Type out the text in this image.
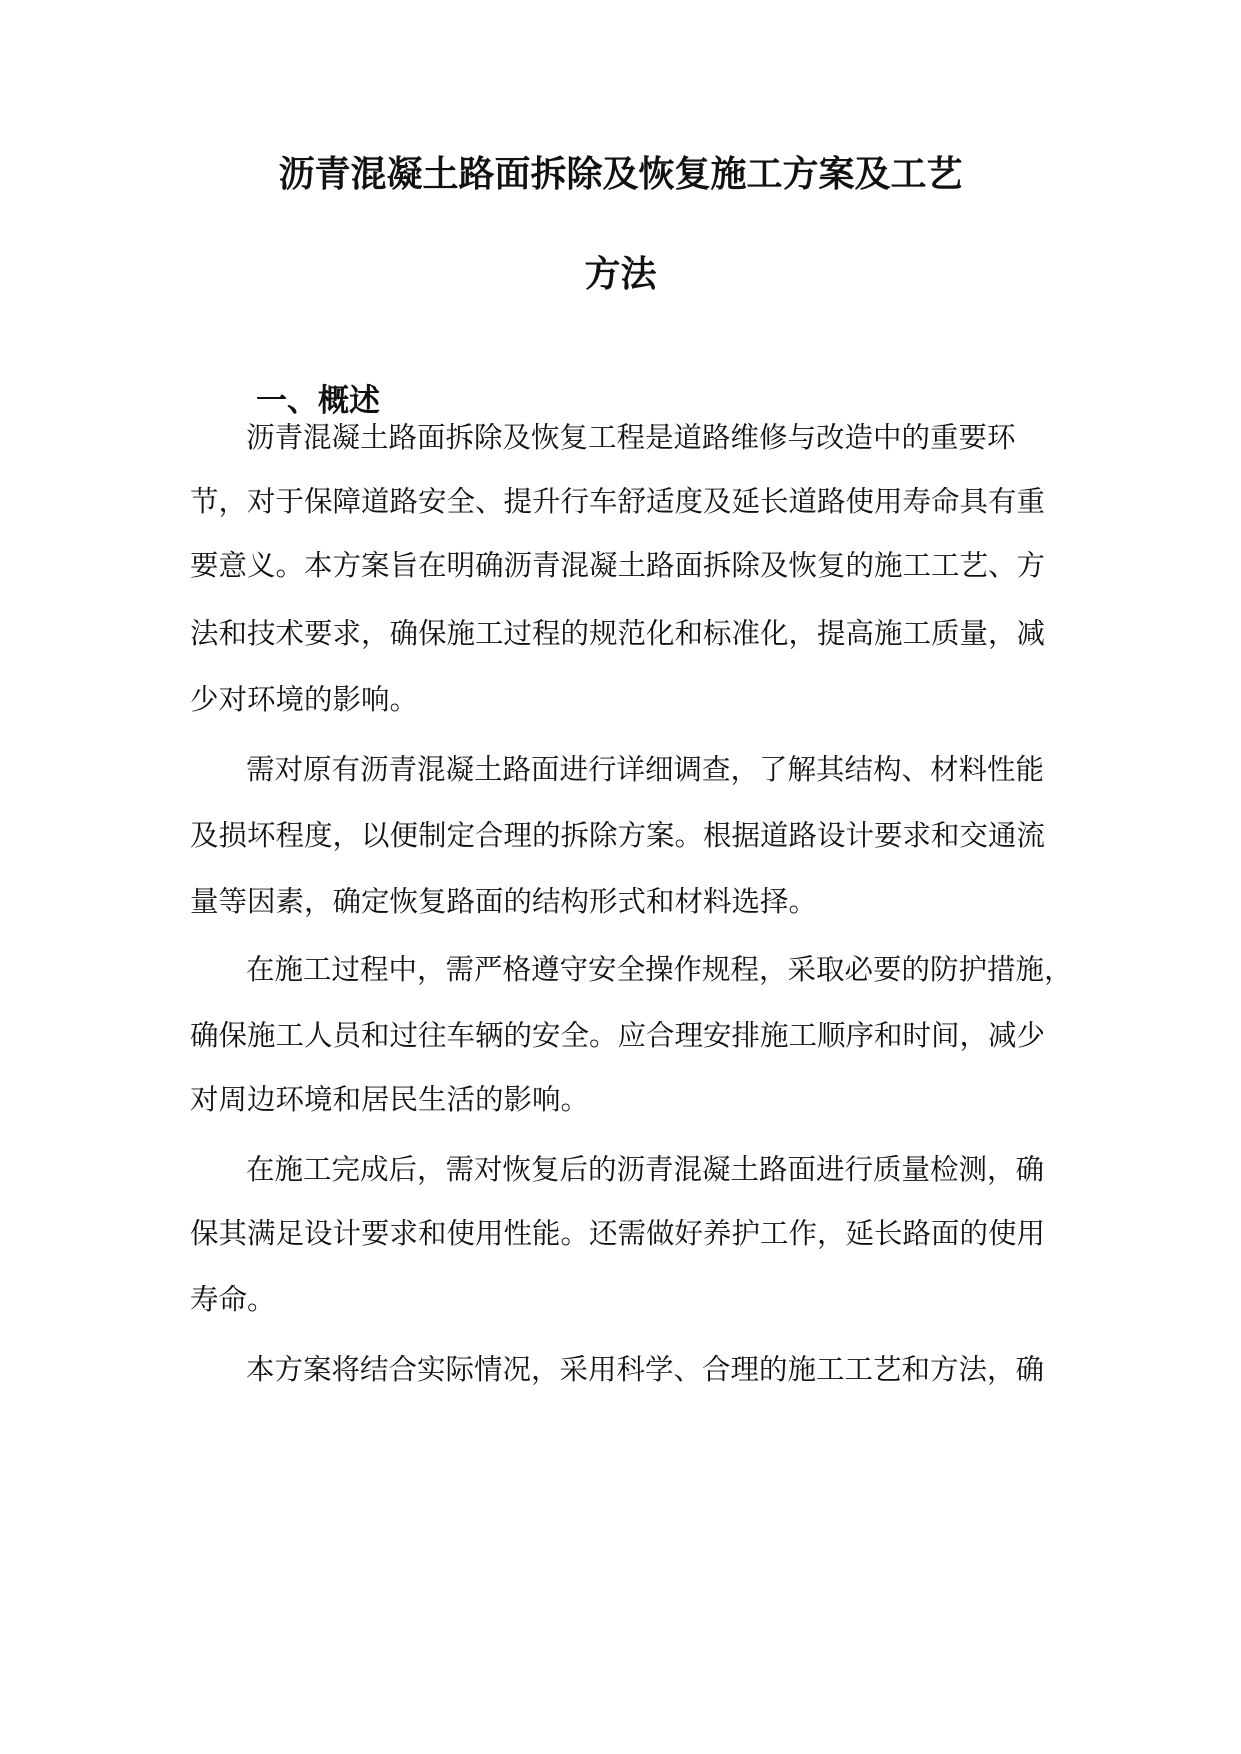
沥青混凝土路面拆除及恢复施工方案及工艺
方法
一、概述
沥青混凝土路面拆除及恢复工程是道路维修与改造中的重要环
节，对于保障道路安全、提升行车舒适度及延长道路使用寿命具有重
要意义。本方案旨在明确沥青混凝土路面拆除及恢复的施工工艺、方
法和技术要求，确保施工过程的规范化和标准化，提高施工质量，减
少对环境的影响。
需对原有沥青混凝土路面进行详细调查，了解其结构、材料性能
及损坏程度，以便制定合理的拆除方案。根据道路设计要求和交通流
量等因素，确定恢复路面的结构形式和材料选择。
在施工过程中，需严格遵守安全操作规程，采取必要的防护措施，
确保施工人员和过往车辆的安全。应合理安排施工顺序和时间，减少
对周边环境和居民生活的影响。
在施工完成后，需对恢复后的沥青混凝土路面进行质量检测，确
保其满足设计要求和使用性能。还需做好养护工作，延长路面的使用
寿命。
本方案将结合实际情况，采用科学、合理的施工工艺和方法，确
